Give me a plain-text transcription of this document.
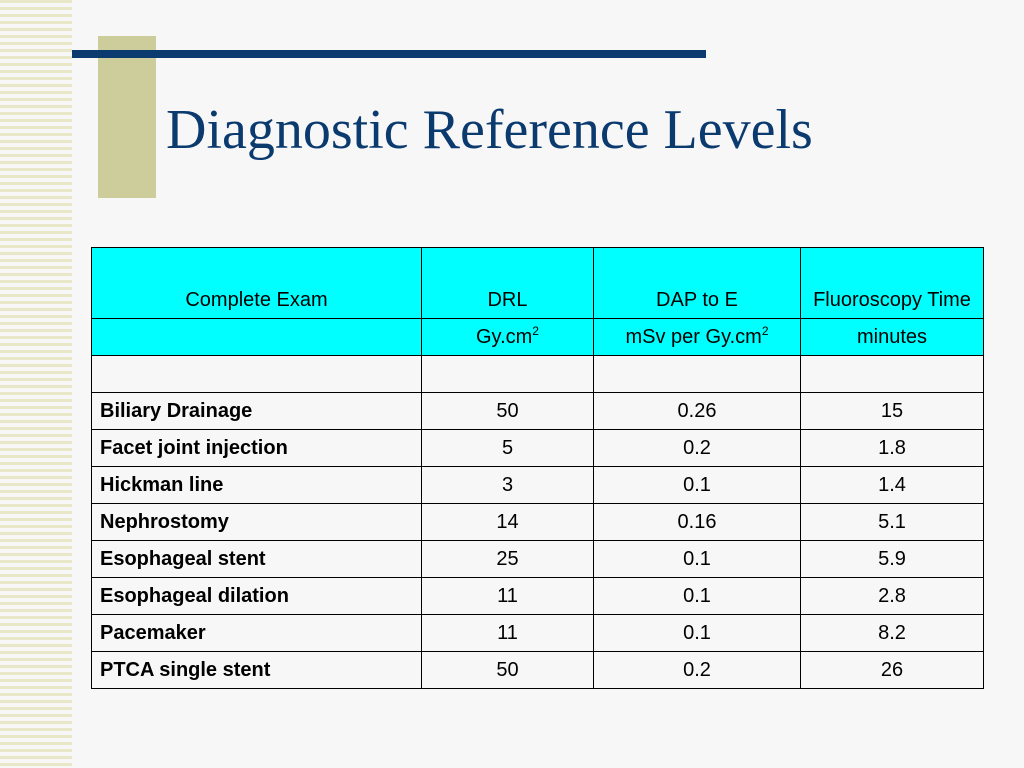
Diagnostic Reference Levels
Complete Exam	DRL	DAP to E	Fluoroscopy Time
	$Gy.cm^2$	mSv per $Gy.cm^2$	minutes

Biliary Drainage	50	0.26	15
Facet joint injection	5	0.2	1.8
Hickman line	3	0.1	1.4
Nephrostomy	14	0.16	5.1
Esophageal stent	25	0.1	5.9
Esophageal dilation	11	0.1	2.8
Pacemaker	11	0.1	8.2
PTCA single stent	50	0.2	26
